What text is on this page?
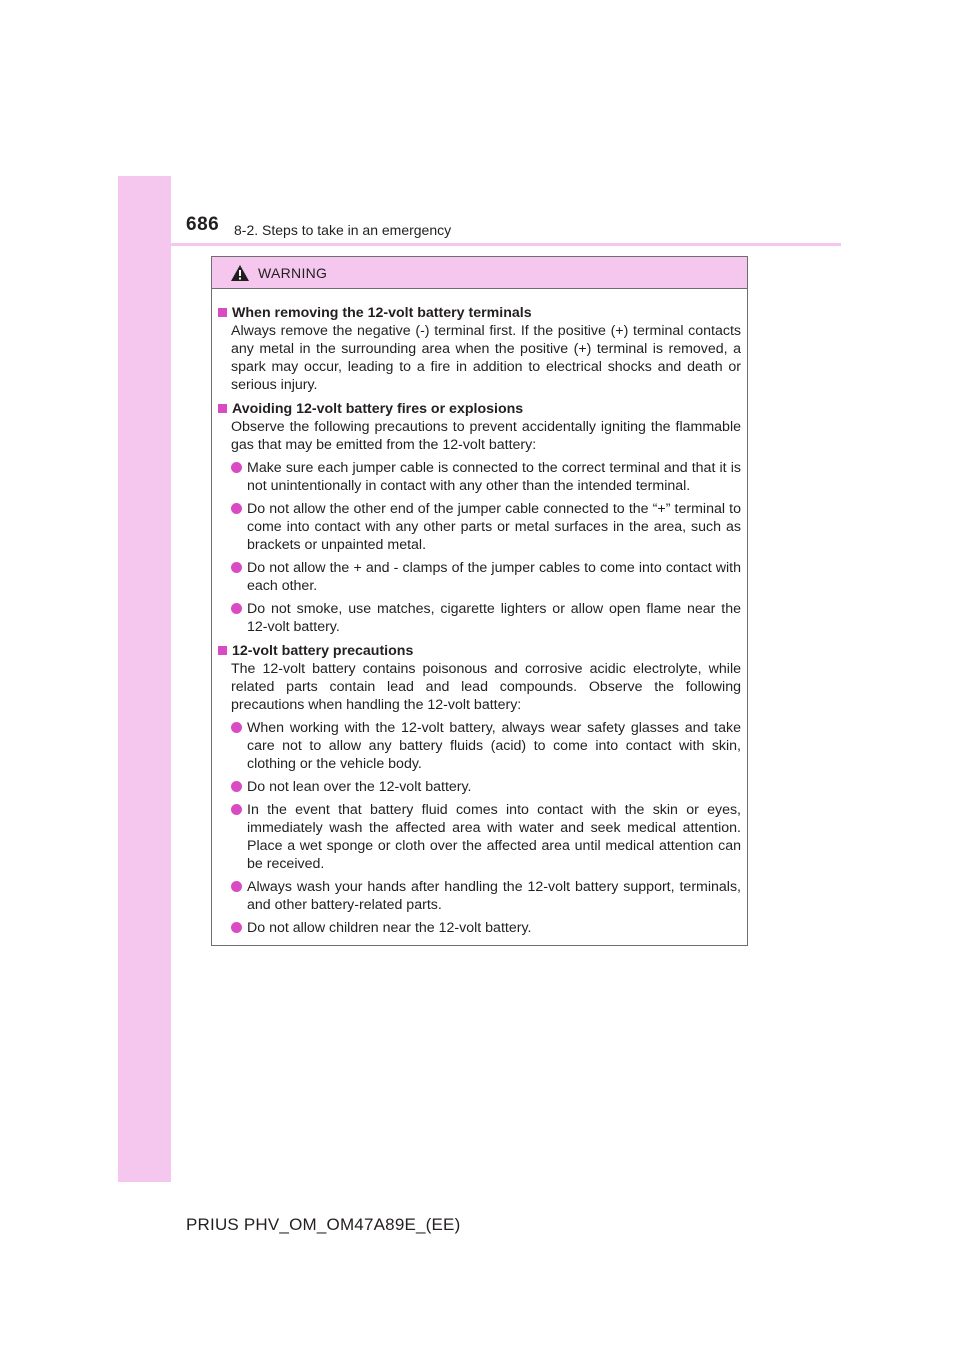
686 8-2. Steps to take in an emergency
WARNING
When removing the 12-volt battery terminals
Always remove the negative (-) terminal first. If the positive (+) terminal contacts any metal in the surrounding area when the positive (+) terminal is removed, a spark may occur, leading to a fire in addition to electrical shocks and death or serious injury.
Avoiding 12-volt battery fires or explosions
Observe the following precautions to prevent accidentally igniting the flammable gas that may be emitted from the 12-volt battery:
Make sure each jumper cable is connected to the correct terminal and that it is not unintentionally in contact with any other than the intended terminal.
Do not allow the other end of the jumper cable connected to the “+” terminal to come into contact with any other parts or metal surfaces in the area, such as brackets or unpainted metal.
Do not allow the + and - clamps of the jumper cables to come into contact with each other.
Do not smoke, use matches, cigarette lighters or allow open flame near the 12-volt battery.
12-volt battery precautions
The 12-volt battery contains poisonous and corrosive acidic electrolyte, while related parts contain lead and lead compounds. Observe the following precautions when handling the 12-volt battery:
When working with the 12-volt battery, always wear safety glasses and take care not to allow any battery fluids (acid) to come into contact with skin, clothing or the vehicle body.
Do not lean over the 12-volt battery.
In the event that battery fluid comes into contact with the skin or eyes, immediately wash the affected area with water and seek medical attention. Place a wet sponge or cloth over the affected area until medical attention can be received.
Always wash your hands after handling the 12-volt battery support, terminals, and other battery-related parts.
Do not allow children near the 12-volt battery.
PRIUS PHV_OM_OM47A89E_(EE)
